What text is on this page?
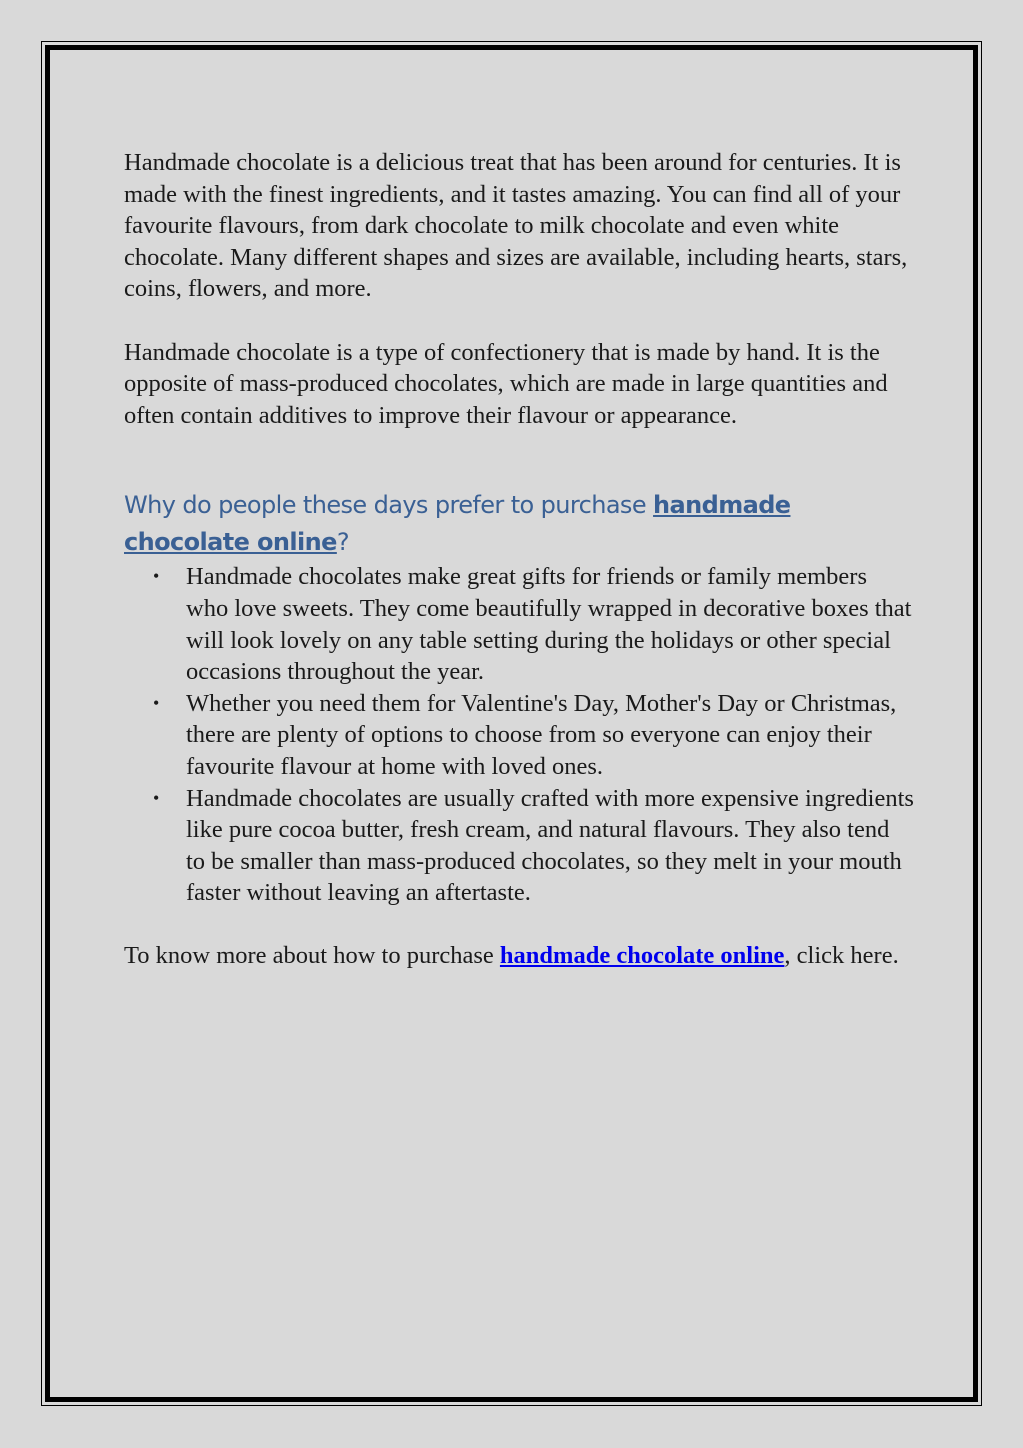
Handmade chocolate is a delicious treat that has been around for centuries. It is made with the finest ingredients, and it tastes amazing. You can find all of your favourite flavours, from dark chocolate to milk chocolate and even white chocolate. Many different shapes and sizes are available, including hearts, stars, coins, flowers, and more.

Handmade chocolate is a type of confectionery that is made by hand. It is the opposite of mass-produced chocolates, which are made in large quantities and often contain additives to improve their flavour or appearance.

Why do people these days prefer to purchase handmade chocolate online?

• Handmade chocolates make great gifts for friends or family members who love sweets. They come beautifully wrapped in decorative boxes that will look lovely on any table setting during the holidays or other special occasions throughout the year.
• Whether you need them for Valentine's Day, Mother's Day or Christmas, there are plenty of options to choose from so everyone can enjoy their favourite flavour at home with loved ones.
• Handmade chocolates are usually crafted with more expensive ingredients like pure cocoa butter, fresh cream, and natural flavours. They also tend to be smaller than mass-produced chocolates, so they melt in your mouth faster without leaving an aftertaste.

To know more about how to purchase handmade chocolate online, click here.
